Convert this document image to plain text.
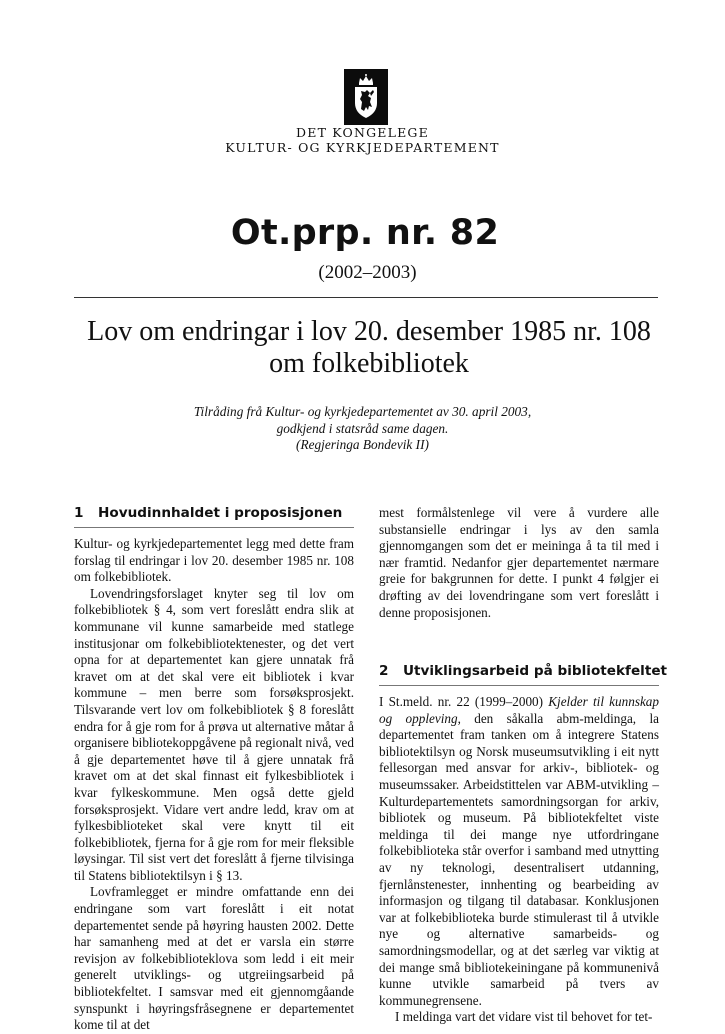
DET KONGELEGE
KULTUR- OG KYRKJEDEPARTEMENT
Ot.prp. nr. 82
(2002–2003)
Lov om endringar i lov 20. desember 1985 nr. 108 om folkebibliotek
Tilråding frå Kultur- og kyrkjedepartementet av 30. april 2003,
godkjend i statsråd same dagen.
(Regjeringa Bondevik II)
1 Hovudinnhaldet i proposisjonen

Kultur- og kyrkjedepartementet legg med dette fram forslag til endringar i lov 20. desember 1985 nr. 108 om folkebibliotek.

Lovendringsforslaget knyter seg til lov om folkebibliotek § 4, som vert foreslått endra slik at kommunane vil kunne samarbeide med statlege institusjonar om folkebibliotektenester, og det vert opna for at departementet kan gjere unnatak frå kravet om at det skal vere eit bibliotek i kvar kommune – men berre som forsøksprosjekt. Tilsvarande vert lov om folkebibliotek § 8 foreslått endra for å gje rom for å prøva ut alternative måtar å organisere bibliotekoppgåvene på regionalt nivå, ved å gje departementet høve til å gjere unnatak frå kravet om at det skal finnast eit fylkesbibliotek i kvar fylkeskommune. Men også dette gjeld forsøksprosjekt. Vidare vert andre ledd, krav om at fylkesbiblioteket skal vere knytt til eit folkebibliotek, fjerna for å gje rom for meir fleksible løysingar. Til sist vert det foreslått å fjerne tilvisinga til Statens bibliotektilsyn i § 13.

Lovframlegget er mindre omfattande enn dei endringane som vart foreslått i eit notat departementet sende på høyring hausten 2002. Dette har samanheng med at det er varsla ein større revisjon av folkebiblioteklova som ledd i eit meir generelt utviklings- og utgreiingsarbeid på bibliotekfeltet. I samsvar med eit gjennomgåande synspunkt i høyringsfråsegnene er departementet kome til at det

mest formålstenlege vil vere å vurdere alle substansielle endringar i lys av den samla gjennomgangen som det er meininga å ta til med i nær framtid. Nedanfor gjer departementet nærmare greie for bakgrunnen for dette. I punkt 4 følgjer ei drøfting av dei lovendringane som vert foreslått i denne proposisjonen.

2 Utviklingsarbeid på bibliotekfeltet

I St.meld. nr. 22 (1999–2000) Kjelder til kunnskap og oppleving, den såkalla abm-meldinga, la departementet fram tanken om å integrere Statens bibliotektilsyn og Norsk museumsutvikling i eit nytt fellesorgan med ansvar for arkiv-, bibliotek- og museumssaker. Arbeidstittelen var ABM-utvikling – Kulturdepartementets samordningsorgan for arkiv, bibliotek og museum. På bibliotekfeltet viste meldinga til dei mange nye utfordringane folkebiblioteka står overfor i samband med utnytting av ny teknologi, desentralisert utdanning, fjernlånstenester, innhenting og bearbeiding av informasjon og tilgang til databasar. Konklusjonen var at folkebiblioteka burde stimulerast til å utvikle nye og alternative samarbeids- og samordningsmodellar, og at det særleg var viktig at dei mange små bibliotekeiningane på kommunenivå kunne utvikle samarbeid på tvers av kommunegrensene.

I meldinga vart det vidare vist til behovet for tet-
